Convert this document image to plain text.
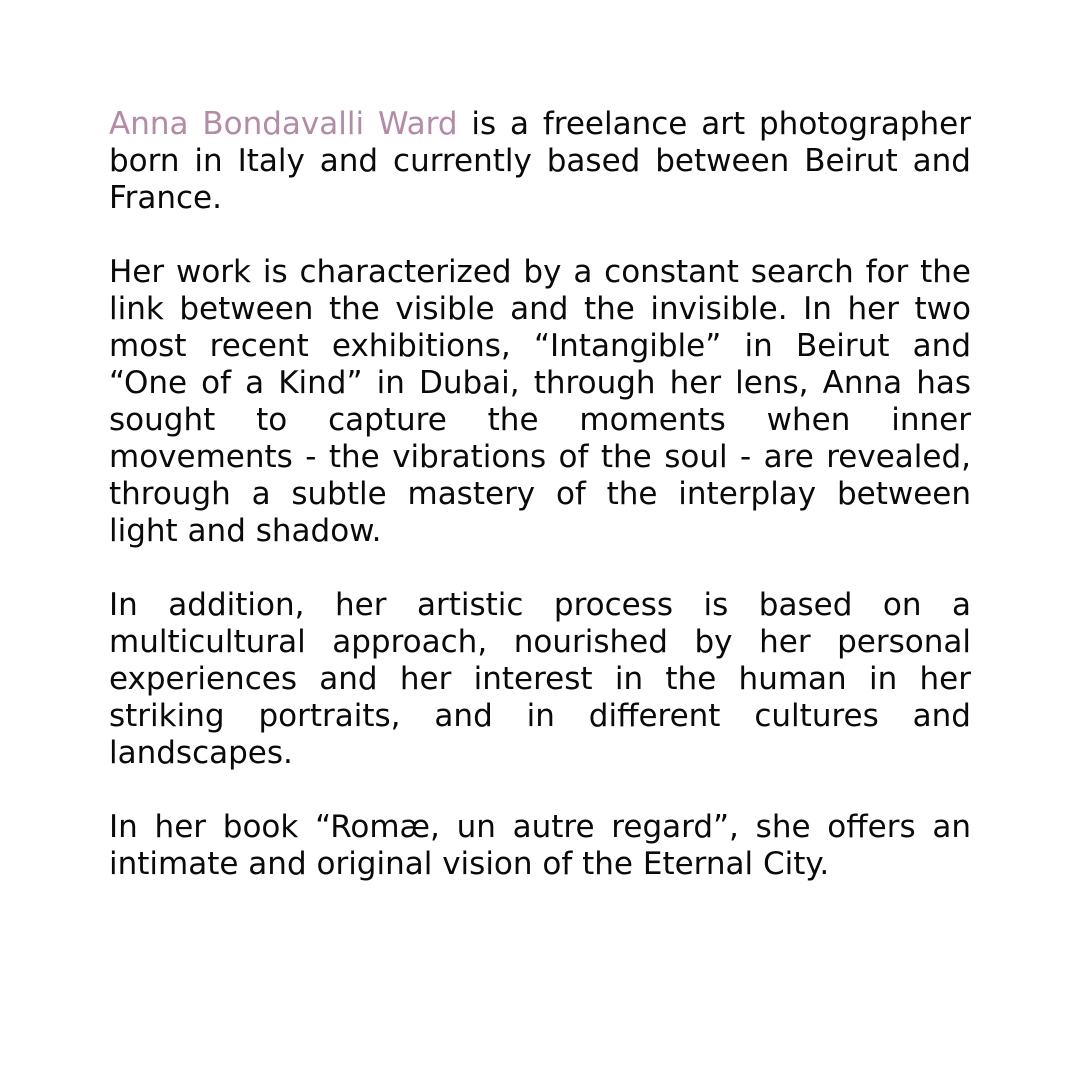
Anna Bondavalli Ward is a freelance art photographer born in Italy and currently based between Beirut and France.

Her work is characterized by a constant search for the link between the visible and the invisible. In her two most recent exhibitions, “Intangible” in Beirut and “One of a Kind” in Dubai, through her lens, Anna has sought to capture the moments when inner movements - the vibrations of the soul - are revealed, through a subtle mastery of the interplay between light and shadow.

In addition, her artistic process is based on a multicultural approach, nourished by her personal experiences and her interest in the human in her striking portraits, and in different cultures and landscapes.

In her book “Romæ, un autre regard”, she offers an intimate and original vision of the Eternal City.
